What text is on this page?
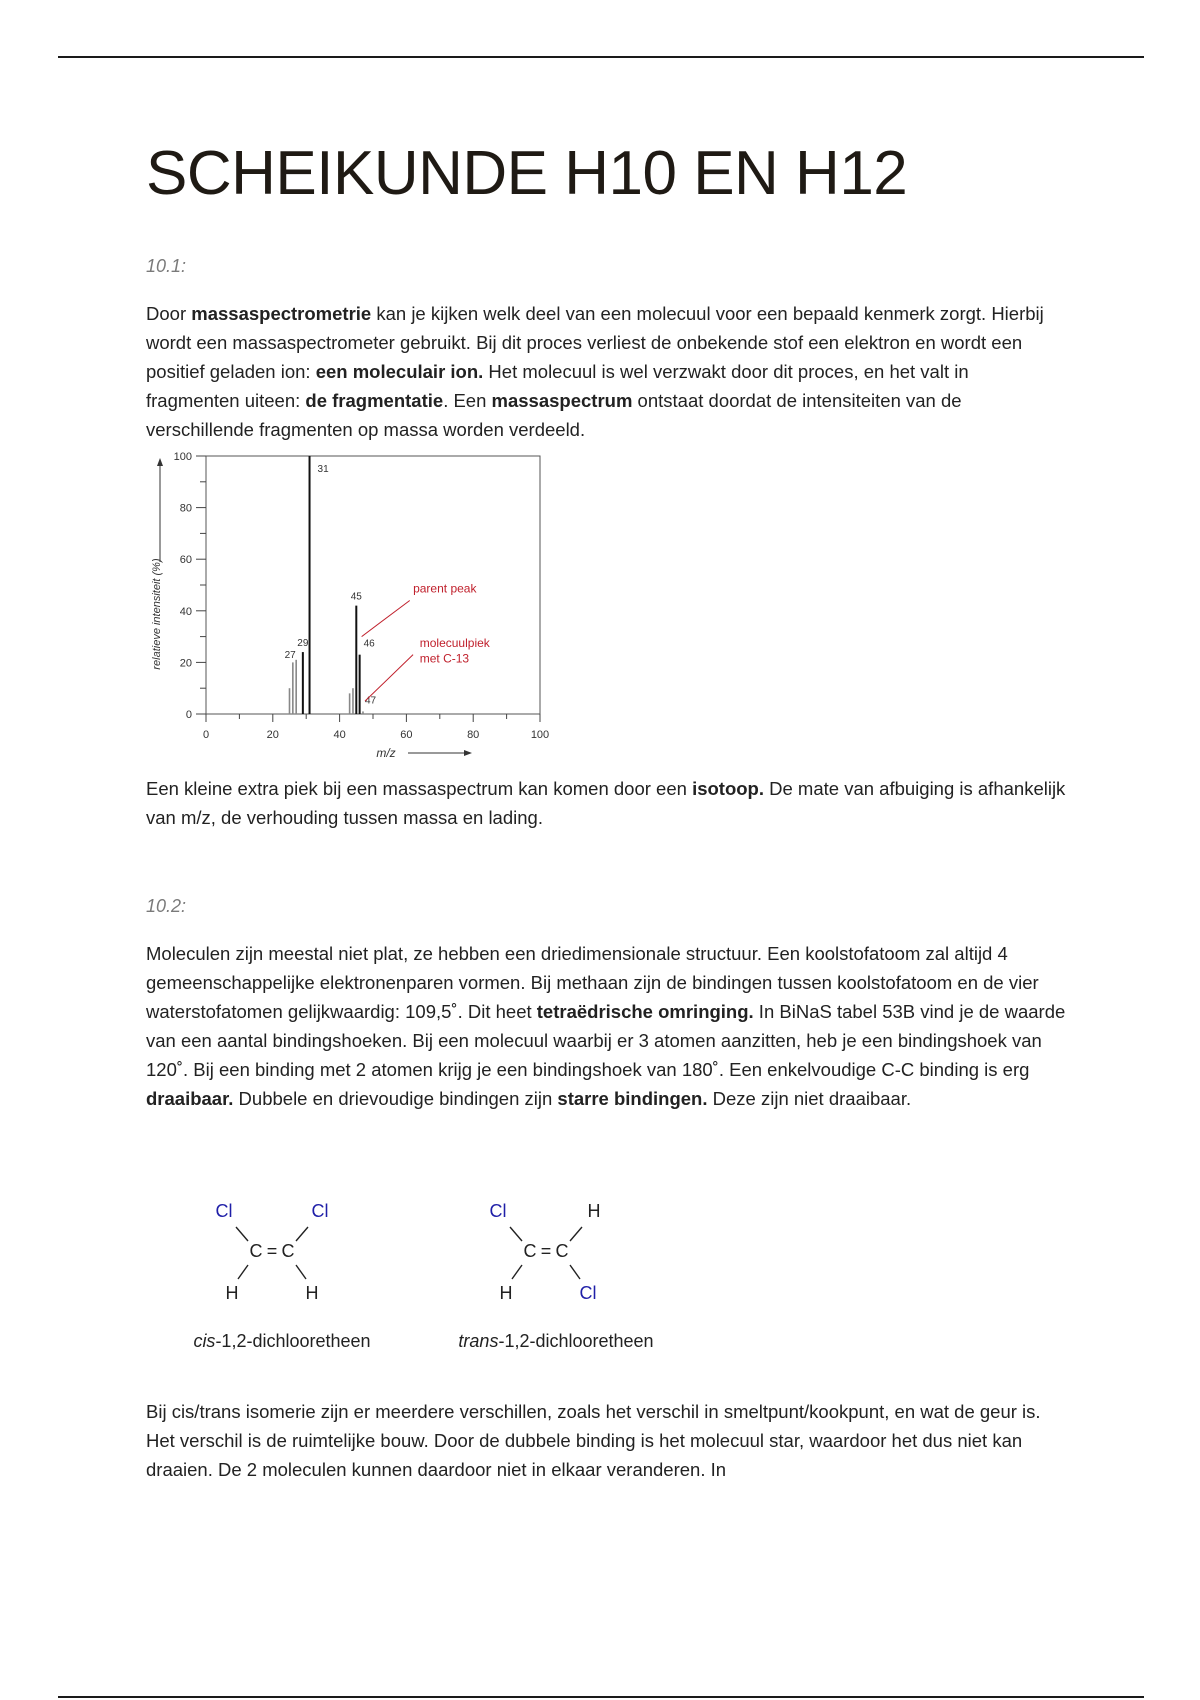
SCHEIKUNDE H10 EN H12

10.1:

Door massaspectrometrie kan je kijken welk deel van een molecuul voor een bepaald kenmerk zorgt. Hierbij wordt een massaspectrometer gebruikt. Bij dit proces verliest de onbekende stof een elektron en wordt een positief geladen ion: een moleculair ion. Het molecuul is wel verzwakt door dit proces, en het valt in fragmenten uiteen: de fragmentatie. Een massaspectrum ontstaat doordat de intensiteiten van de verschillende fragmenten op massa worden verdeeld.

relatieve intensiteit (%)
m/z
0
20
40
60
80
100
0	20	40	60	80	100
27
29
31
45
46
47
parent peak
molecuulpiek
met C-13

Een kleine extra piek bij een massaspectrum kan komen door een isotoop. De mate van afbuiging is afhankelijk van m/z, de verhouding tussen massa en lading.

10.2:

Moleculen zijn meestal niet plat, ze hebben een driedimensionale structuur. Een koolstofatoom zal altijd 4 gemeenschappelijke elektronenparen vormen. Bij methaan zijn de bindingen tussen koolstofatoom en de vier waterstofatomen gelijkwaardig: 109,5˚. Dit heet tetraëdrische omringing. In BiNaS tabel 53B vind je de waarde van een aantal bindingshoeken. Bij een molecuul waarbij er 3 atomen aanzitten, heb je een bindingshoek van 120˚. Bij een binding met 2 atomen krijg je een bindingshoek van 180˚. Een enkelvoudige C-C binding is erg draaibaar. Dubbele en drievoudige bindingen zijn starre bindingen. Deze zijn niet draaibaar.

Cl	Cl
C = C
H	H
cis-1,2-dichlooretheen
Cl	H
C = C
H	Cl
trans-1,2-dichlooretheen

Bij cis/trans isomerie zijn er meerdere verschillen, zoals het verschil in smeltpunt/kookpunt, en wat de geur is. Het verschil is de ruimtelijke bouw. Door de dubbele binding is het molecuul star, waardoor het dus niet kan draaien. De 2 moleculen kunnen daardoor niet in elkaar veranderen. In
